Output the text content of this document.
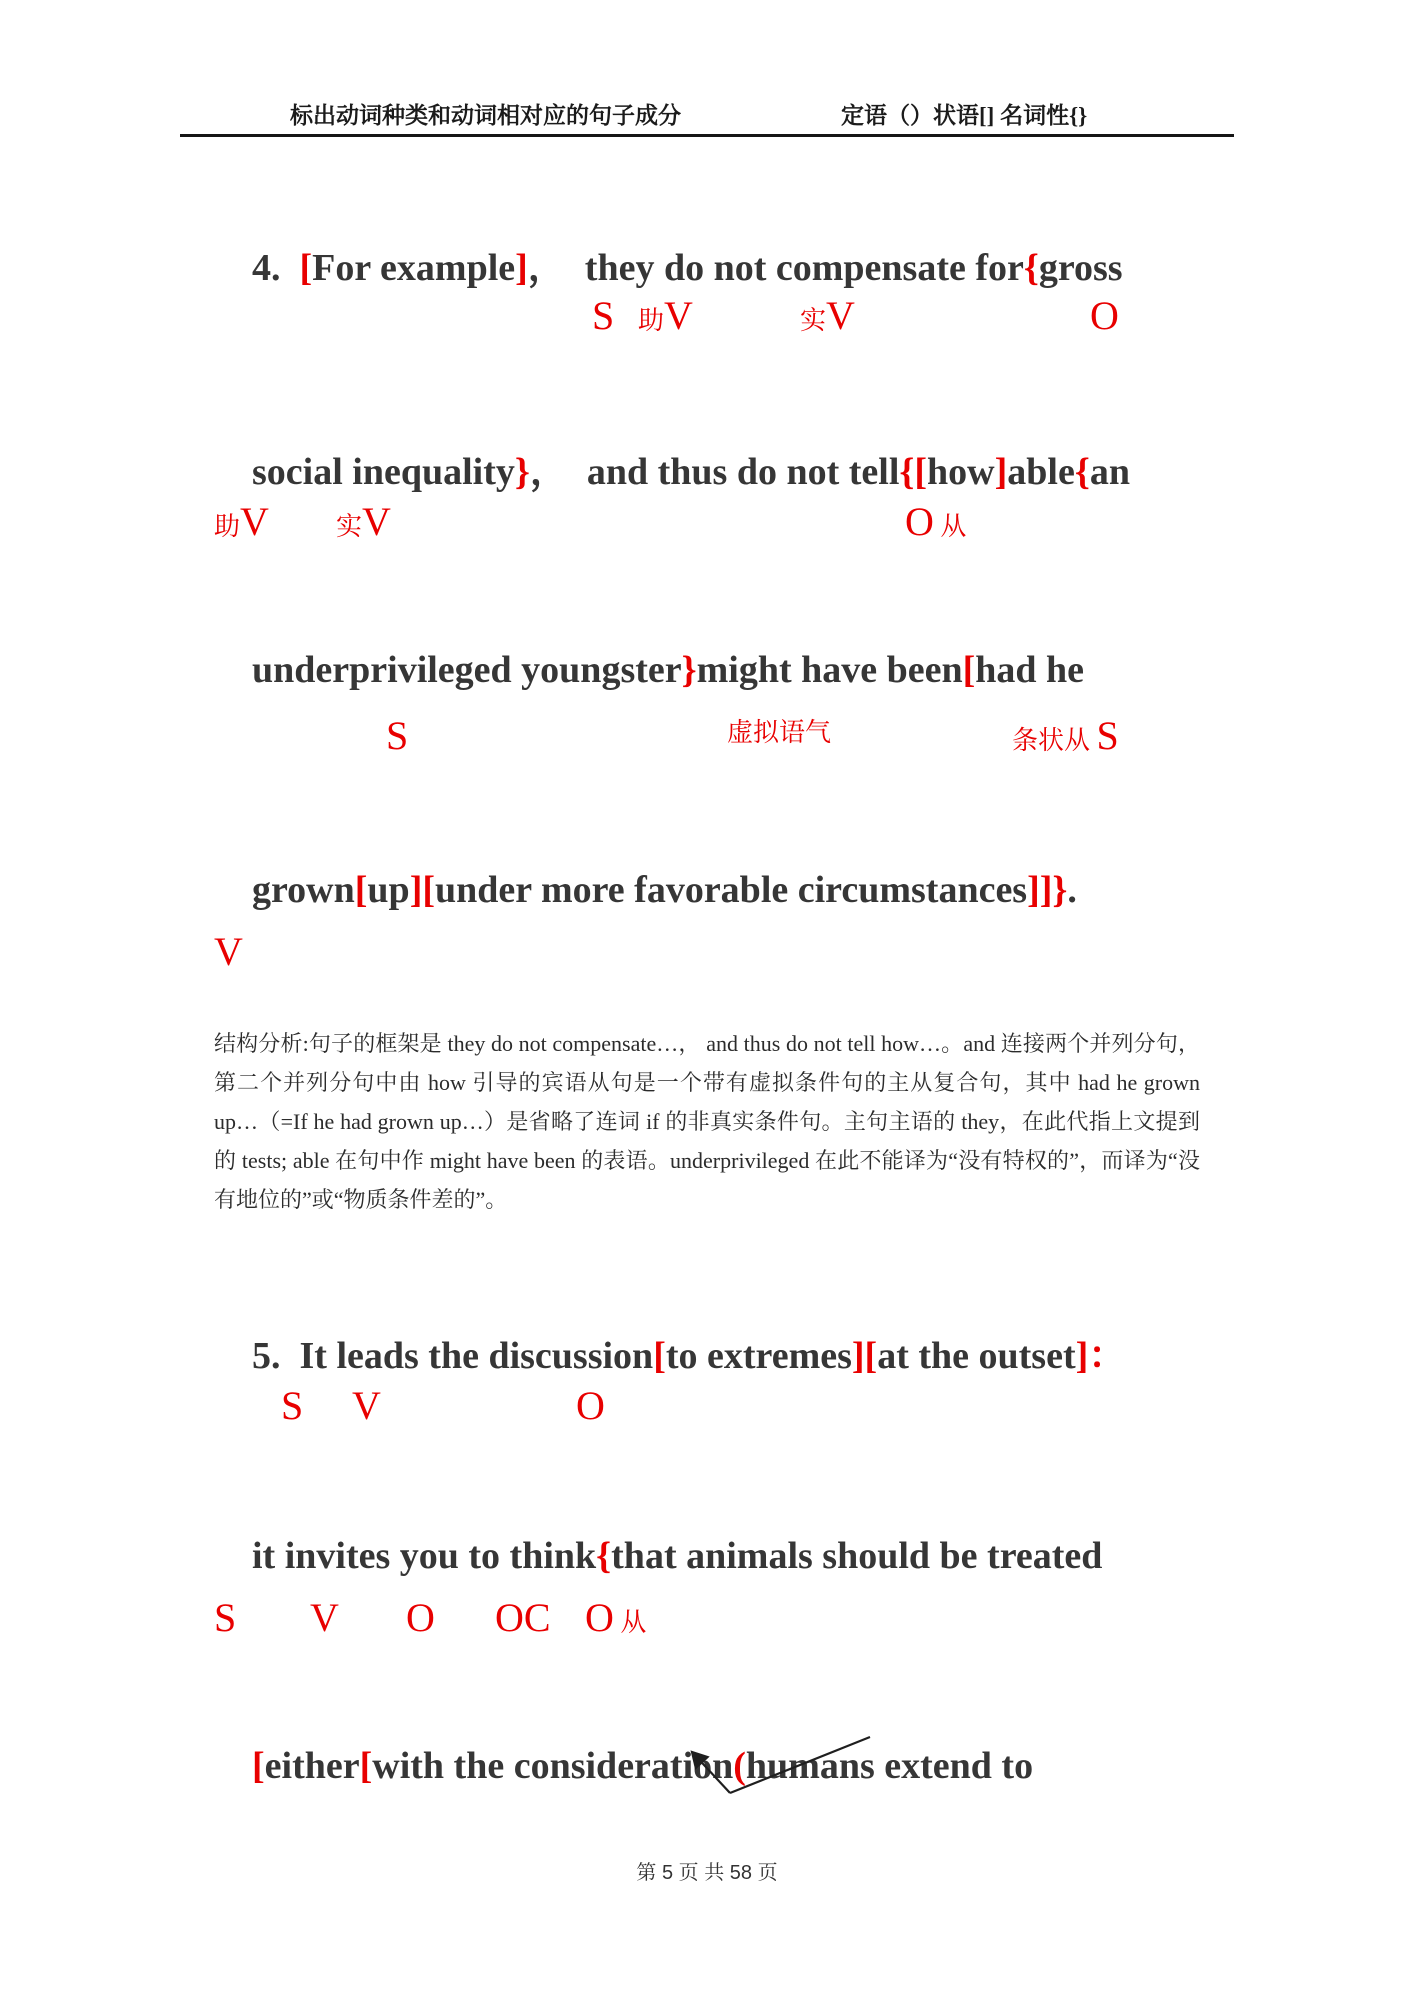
标出动词种类和动词相对应的句子成分	定语（）状语[] 名词性{}

4.  [For example]，  they do not compensate for{gross

S 助V	实V	O

social inequality}，  and thus do not tell{[how]able{an

助V	实V	O 从

underprivileged youngster}might have been[had he

S	虚拟语气	条状从 S

grown[up][under more favorable circumstances]]}.

V
结构分析:句子的框架是 they do not compensate…， and thus do not tell how…。and 连接两个并列分句，第二个并列分句中由 how 引导的宾语从句是一个带有虚拟条件句的主从复合句，其中 had he grown up…（=If he had grown up…）是省略了连词 if 的非真实条件句。主句主语的 they，在此代指上文提到的 tests; able 在句中作 might have been 的表语。underprivileged 在此不能译为“没有特权的”，而译为“没有地位的”或“物质条件差的”。

5.  It leads the discussion[to extremes][at the outset]：

S V	O

it invites you to think{that animals should be treated

S V O OC O 从

[either[with the consideration(humans extend to

第 5 页 共 58 页
